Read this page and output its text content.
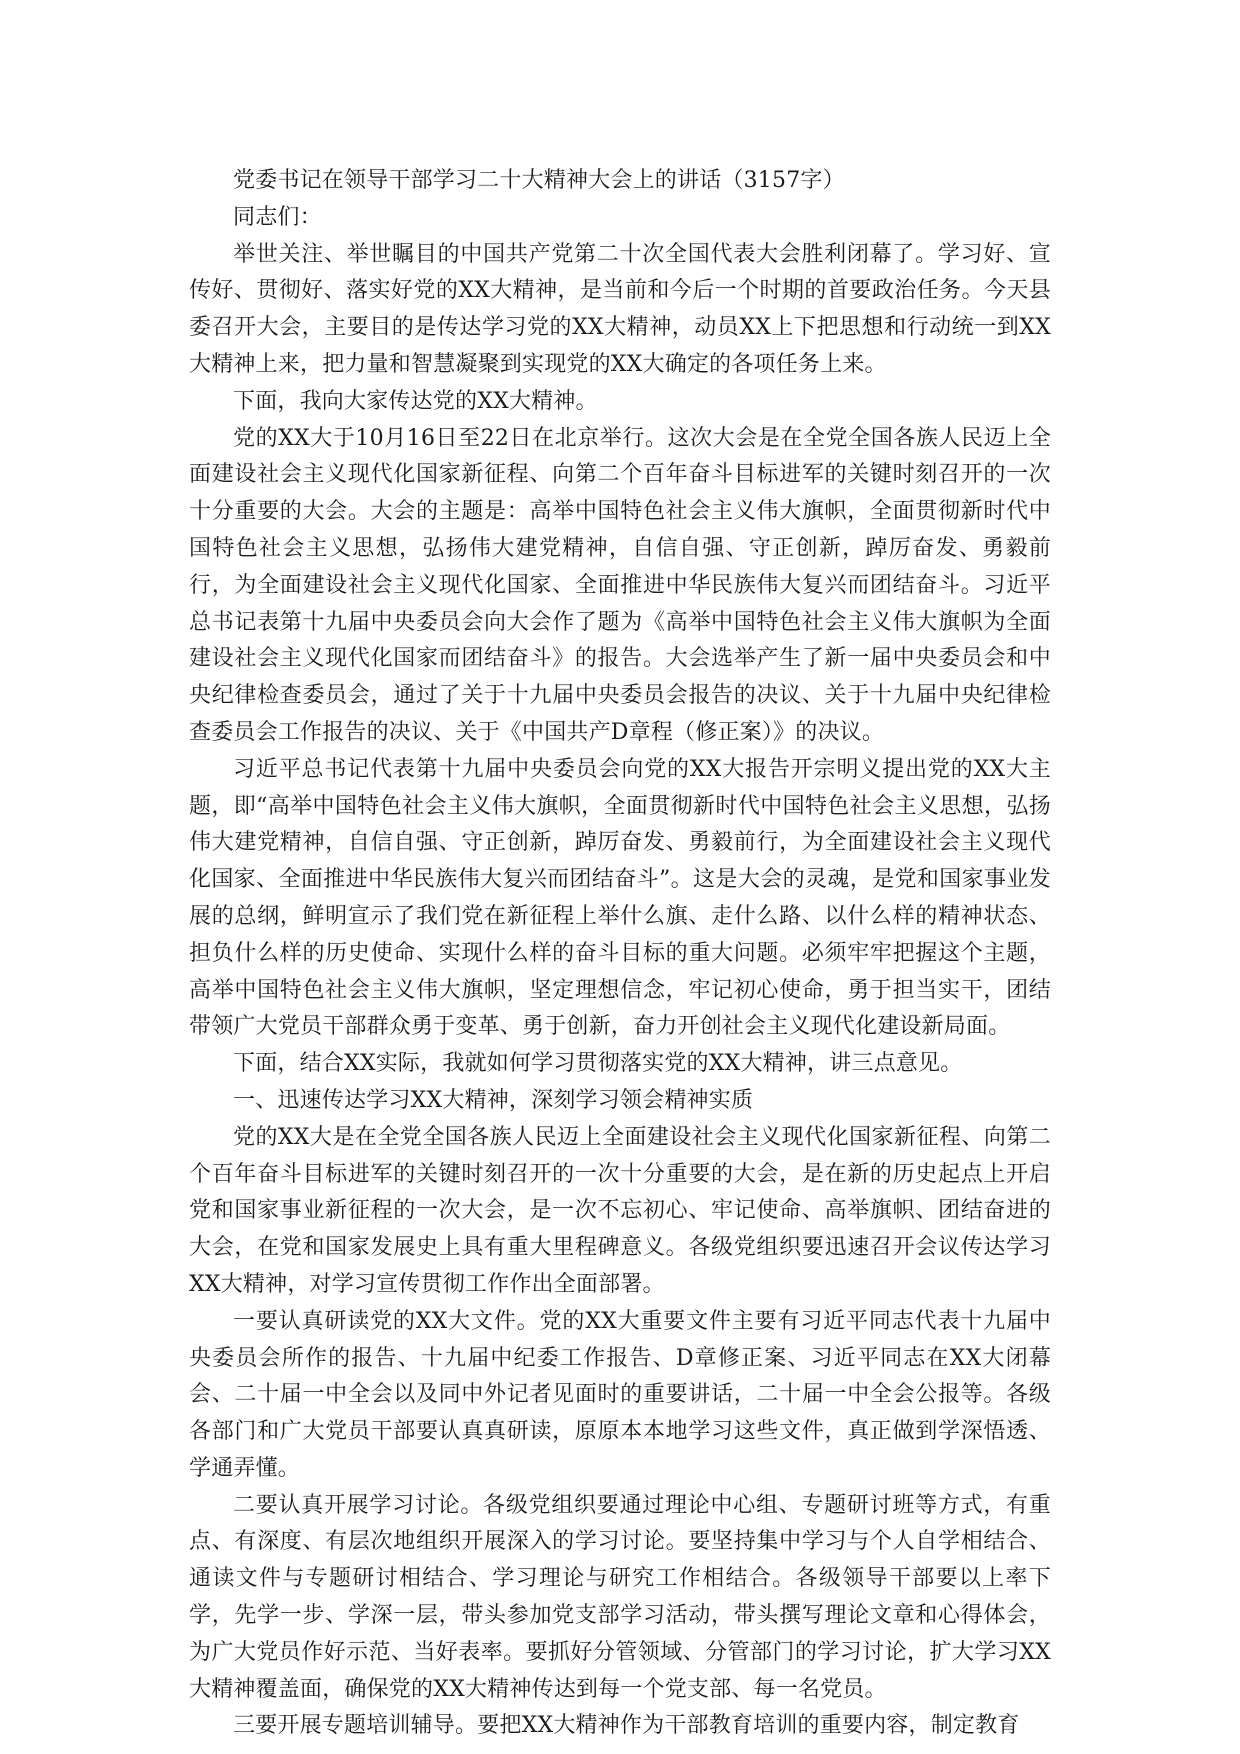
党委书记在领导干部学习二十大精神大会上的讲话（3157字）

同志们：

举世关注、举世瞩目的中国共产党第二十次全国代表大会胜利闭幕了。学习好、宣传好、贯彻好、落实好党的XX大精神，是当前和今后一个时期的首要政治任务。今天县委召开大会，主要目的是传达学习党的XX大精神，动员XX上下把思想和行动统一到XX大精神上来，把力量和智慧凝聚到实现党的XX大确定的各项任务上来。

下面，我向大家传达党的XX大精神。

党的XX大于10月16日至22日在北京举行。这次大会是在全党全国各族人民迈上全面建设社会主义现代化国家新征程、向第二个百年奋斗目标进军的关键时刻召开的一次十分重要的大会。大会的主题是：高举中国特色社会主义伟大旗帜，全面贯彻新时代中国特色社会主义思想，弘扬伟大建党精神，自信自强、守正创新，踔厉奋发、勇毅前行，为全面建设社会主义现代化国家、全面推进中华民族伟大复兴而团结奋斗。习近平总书记表第十九届中央委员会向大会作了题为《高举中国特色社会主义伟大旗帜为全面建设社会主义现代化国家而团结奋斗》的报告。大会选举产生了新一届中央委员会和中央纪律检查委员会，通过了关于十九届中央委员会报告的决议、关于十九届中央纪律检查委员会工作报告的决议、关于《中国共产D章程（修正案）》的决议。

习近平总书记代表第十九届中央委员会向党的XX大报告开宗明义提出党的XX大主题，即“高举中国特色社会主义伟大旗帜，全面贯彻新时代中国特色社会主义思想，弘扬伟大建党精神，自信自强、守正创新，踔厉奋发、勇毅前行，为全面建设社会主义现代化国家、全面推进中华民族伟大复兴而团结奋斗”。这是大会的灵魂，是党和国家事业发展的总纲，鲜明宣示了我们党在新征程上举什么旗、走什么路、以什么样的精神状态、担负什么样的历史使命、实现什么样的奋斗目标的重大问题。必须牢牢把握这个主题，高举中国特色社会主义伟大旗帜，坚定理想信念，牢记初心使命，勇于担当实干，团结带领广大党员干部群众勇于变革、勇于创新，奋力开创社会主义现代化建设新局面。

下面，结合XX实际，我就如何学习贯彻落实党的XX大精神，讲三点意见。

一、迅速传达学习XX大精神，深刻学习领会精神实质

党的XX大是在全党全国各族人民迈上全面建设社会主义现代化国家新征程、向第二个百年奋斗目标进军的关键时刻召开的一次十分重要的大会，是在新的历史起点上开启党和国家事业新征程的一次大会，是一次不忘初心、牢记使命、高举旗帜、团结奋进的大会，在党和国家发展史上具有重大里程碑意义。各级党组织要迅速召开会议传达学习XX大精神，对学习宣传贯彻工作作出全面部署。

一要认真研读党的XX大文件。党的XX大重要文件主要有习近平同志代表十九届中央委员会所作的报告、十九届中纪委工作报告、D章修正案、习近平同志在XX大闭幕会、二十届一中全会以及同中外记者见面时的重要讲话，二十届一中全会公报等。各级各部门和广大党员干部要认真真研读，原原本本地学习这些文件，真正做到学深悟透、学通弄懂。

二要认真开展学习讨论。各级党组织要通过理论中心组、专题研讨班等方式，有重点、有深度、有层次地组织开展深入的学习讨论。要坚持集中学习与个人自学相结合、通读文件与专题研讨相结合、学习理论与研究工作相结合。各级领导干部要以上率下学，先学一步、学深一层，带头参加党支部学习活动，带头撰写理论文章和心得体会，为广大党员作好示范、当好表率。要抓好分管领域、分管部门的学习讨论，扩大学习XX大精神覆盖面，确保党的XX大精神传达到每一个党支部、每一名党员。

三要开展专题培训辅导。要把XX大精神作为干部教育培训的重要内容，制定教育
